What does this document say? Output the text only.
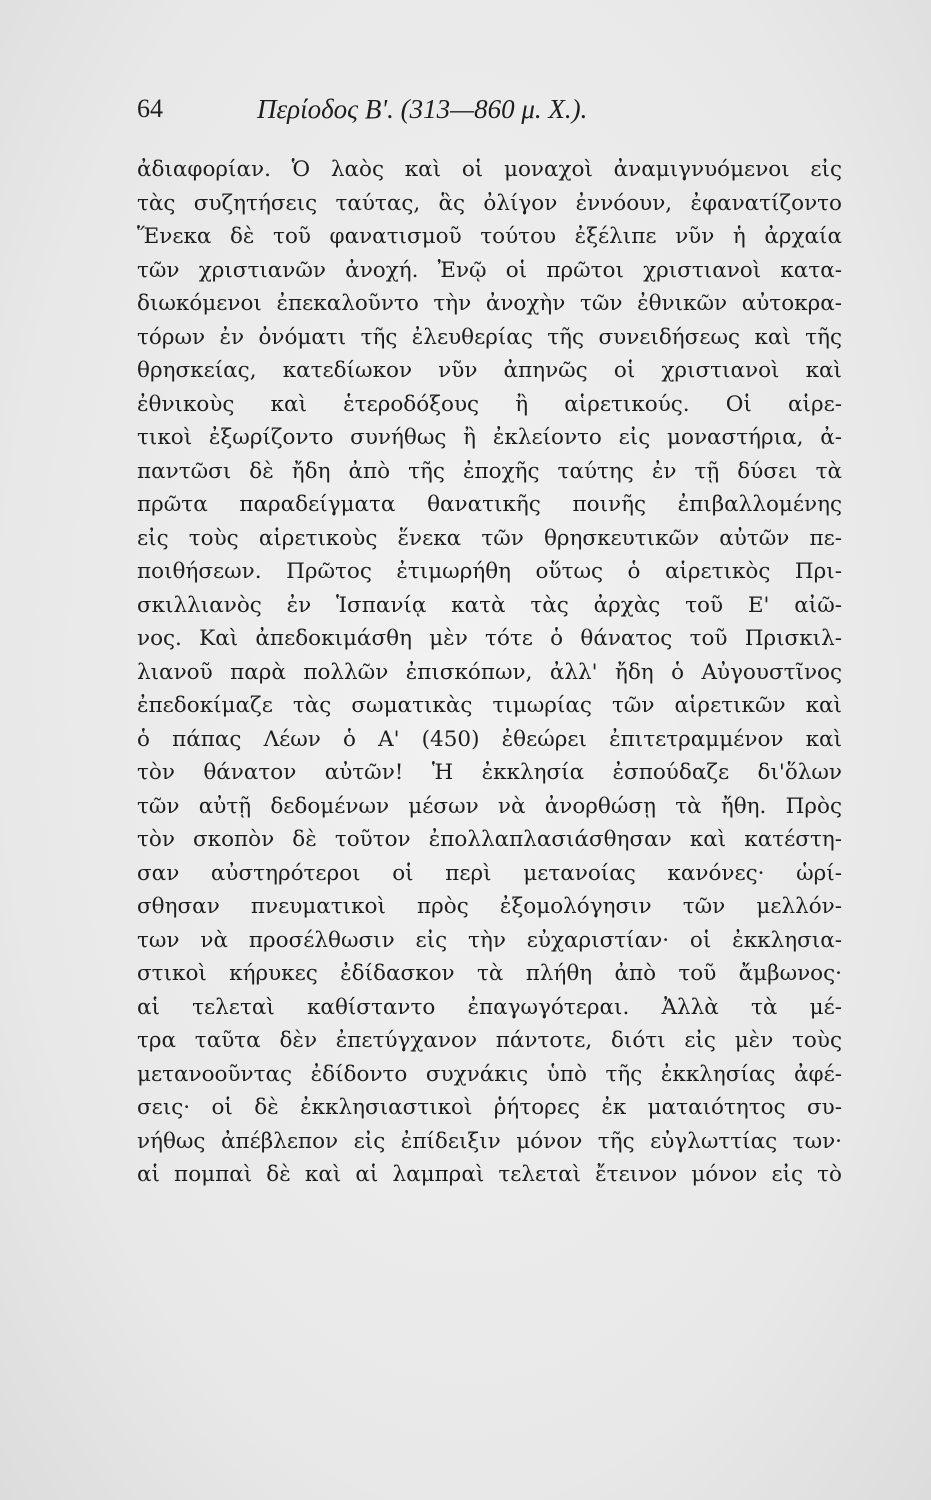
64	Περίοδος Β'. (313—860 μ. Χ.).
ἀδιαφορίαν. Ὁ λαὸς καὶ οἱ μοναχοὶ ἀναμιγνυόμενοι εἰς
τὰς συζητήσεις ταύτας, ἃς ὀλίγον ἐννόουν, ἐφανατίζοντο
Ἕνεκα δὲ τοῦ φανατισμοῦ τούτου ἐξέλιπε νῦν ἡ ἀρχαία
τῶν χριστιανῶν ἀνοχή. Ἐνῷ οἱ πρῶτοι χριστιανοὶ κατα-
διωκόμενοι ἐπεκαλοῦντο τὴν ἀνοχὴν τῶν ἐθνικῶν αὐτοκρα-
τόρων ἐν ὀνόματι τῆς ἐλευθερίας τῆς συνειδήσεως καὶ τῆς
θρησκείας, κατεδίωκον νῦν ἀπηνῶς οἱ χριστιανοὶ καὶ
ἐθνικοὺς καὶ ἑτεροδόξους ἢ αἱρετικούς. Οἱ αἱρε-
τικοὶ ἐξωρίζοντο συνήθως ἢ ἐκλείοντο εἰς μοναστήρια, ἀ-
παντῶσι δὲ ἤδη ἀπὸ τῆς ἐποχῆς ταύτης ἐν τῇ δύσει τὰ
πρῶτα παραδείγματα θανατικῆς ποινῆς ἐπιβαλλομένης
εἰς τοὺς αἱρετικοὺς ἕνεκα τῶν θρησκευτικῶν αὐτῶν πε-
ποιθήσεων. Πρῶτος ἐτιμωρήθη οὕτως ὁ αἱρετικὸς Πρι-
σκιλλιανὸς ἐν Ἱσπανίᾳ κατὰ τὰς ἀρχὰς τοῦ Ε' αἰῶ-
νος. Καὶ ἀπεδοκιμάσθη μὲν τότε ὁ θάνατος τοῦ Πρισκιλ-
λιανοῦ παρὰ πολλῶν ἐπισκόπων, ἀλλ' ἤδη ὁ Αὐγουστῖνος
ἐπεδοκίμαζε τὰς σωματικὰς τιμωρίας τῶν αἱρετικῶν καὶ
ὁ πάπας Λέων ὁ Α' (450) ἐθεώρει ἐπιτετραμμένον καὶ
τὸν θάνατον αὐτῶν! Ἡ ἐκκλησία ἐσπούδαζε δι'ὅλων
τῶν αὐτῇ δεδομένων μέσων νὰ ἀνορθώσῃ τὰ ἤθη. Πρὸς
τὸν σκοπὸν δὲ τοῦτον ἐπολλαπλασιάσθησαν καὶ κατέστη-
σαν αὐστηρότεροι οἱ περὶ μετανοίας κανόνες· ὡρί-
σθησαν πνευματικοὶ πρὸς ἐξομολόγησιν τῶν μελλόν-
των νὰ προσέλθωσιν εἰς τὴν εὐχαριστίαν· οἱ ἐκκλησια-
στικοὶ κήρυκες ἐδίδασκον τὰ πλήθη ἀπὸ τοῦ ἄμβωνος·
αἱ τελεταὶ καθίσταντο ἐπαγωγότεραι. Ἀλλὰ τὰ μέ-
τρα ταῦτα δὲν ἐπετύγχανον πάντοτε, διότι εἰς μὲν τοὺς
μετανοοῦντας ἐδίδοντο συχνάκις ὑπὸ τῆς ἐκκλησίας ἀφέ-
σεις· οἱ δὲ ἐκκλησιαστικοὶ ῥήτορες ἐκ ματαιότητος συ-
νήθως ἀπέβλεπον εἰς ἐπίδειξιν μόνον τῆς εὐγλωττίας των·
αἱ πομπαὶ δὲ καὶ αἱ λαμπραὶ τελεταὶ ἔτεινον μόνον εἰς τὸ
